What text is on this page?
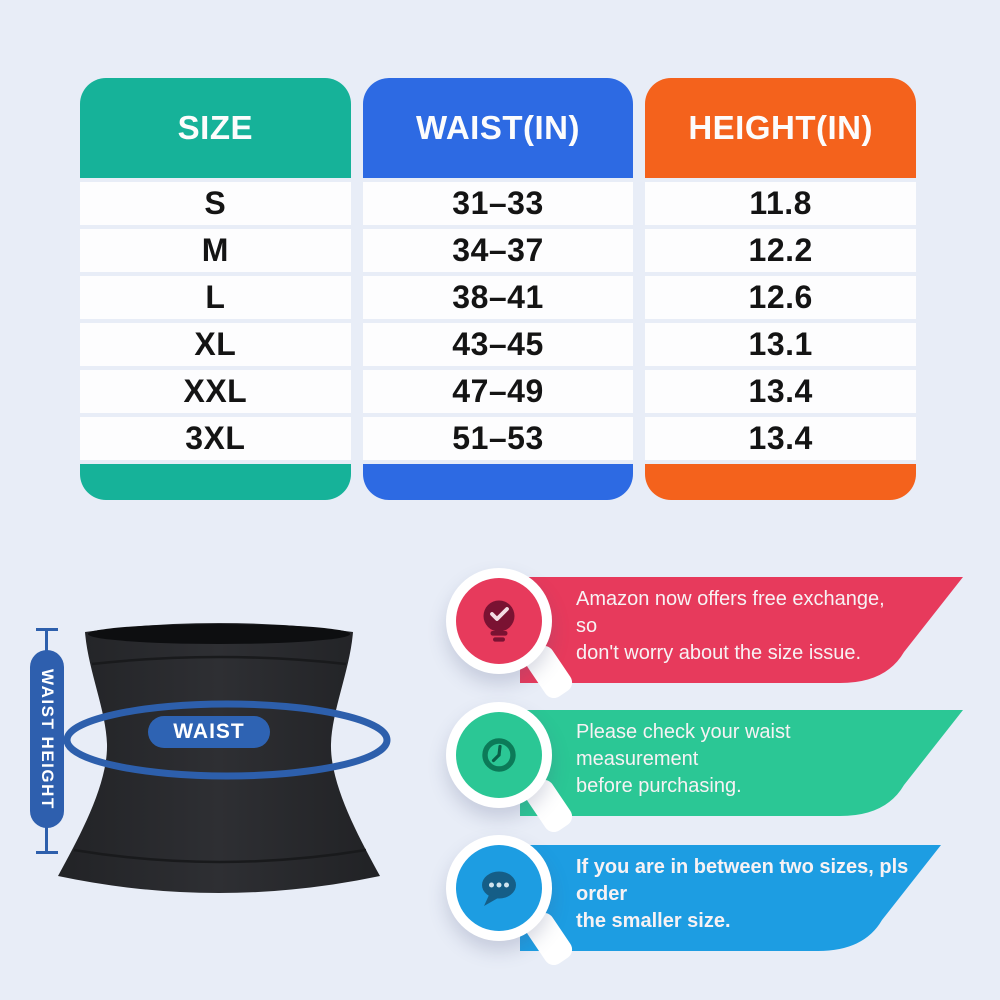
SIZE
S
M
L
XL
XXL
3XL
WAIST(IN)
31–33
34–37
38–41
43–45
47–49
51–53
HEIGHT(IN)
11.8
12.2
12.6
13.1
13.4
13.4
WAIST HEIGHT	WAIST
Amazon now offers free exchange, so
don't worry about the size issue.
Please check your waist measurement
before purchasing.
If you are in between two sizes, pls order
the smaller size.
